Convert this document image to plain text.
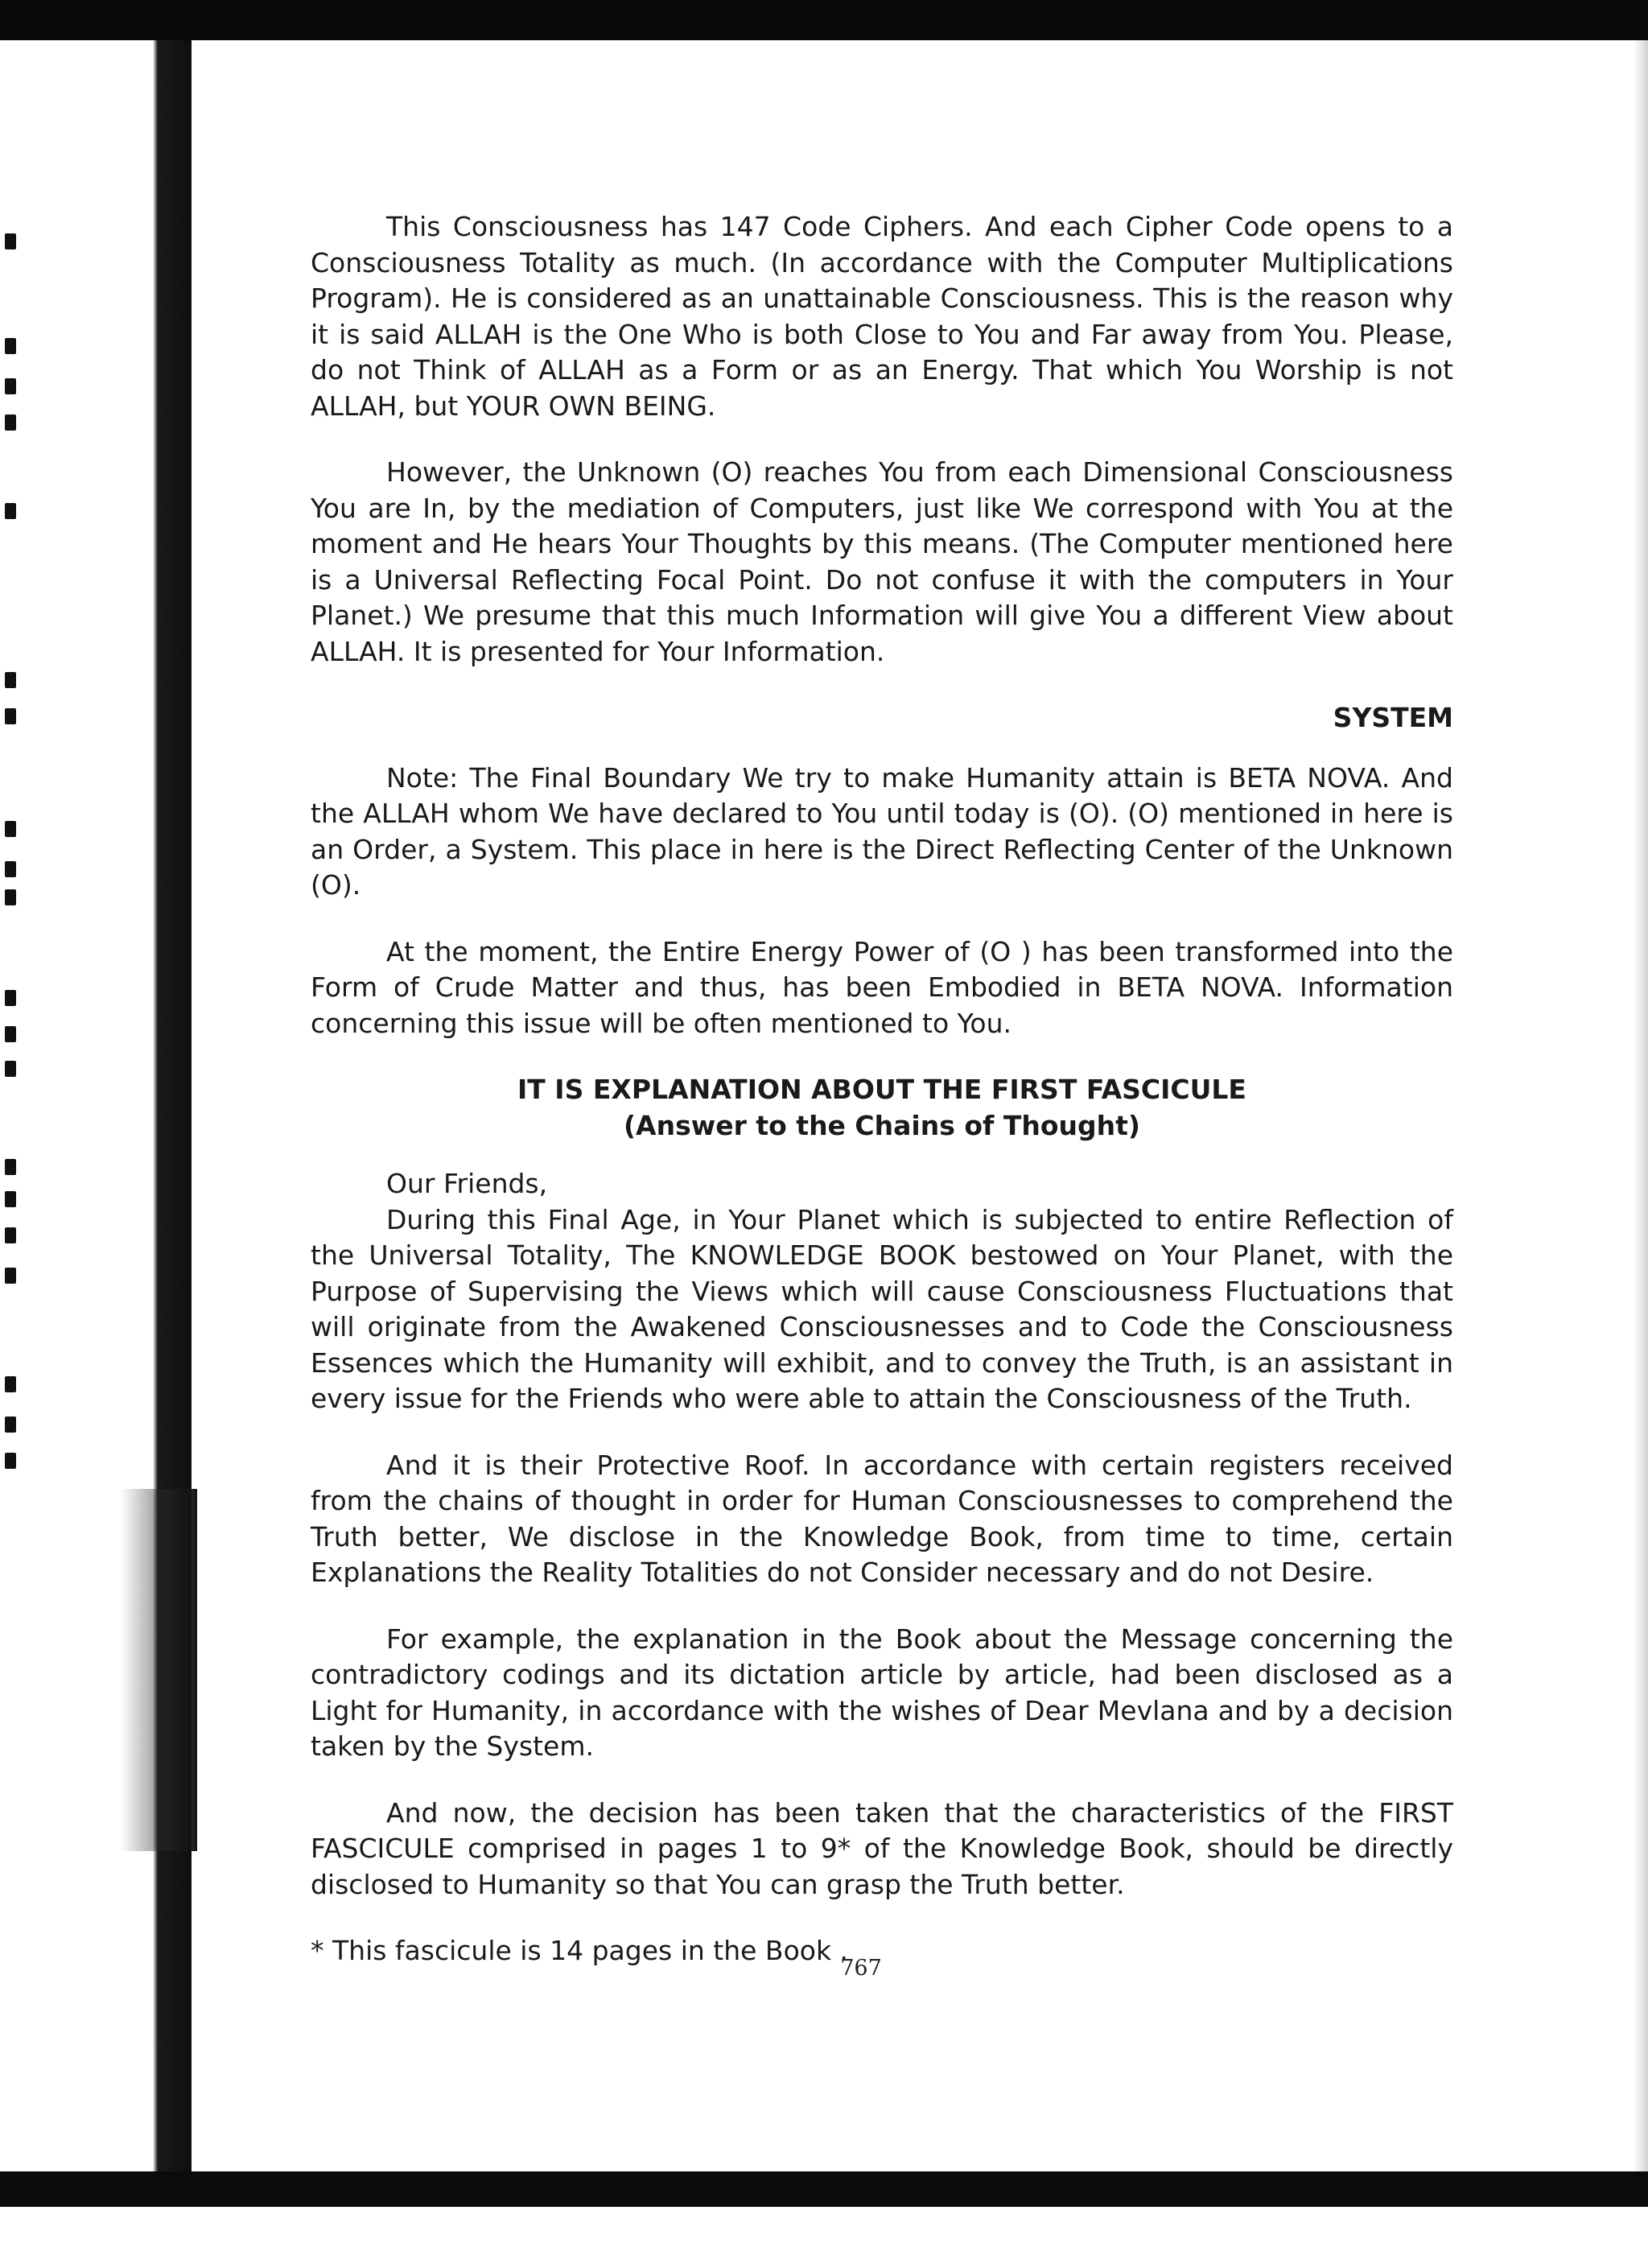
This Consciousness has 147 Code Ciphers. And each Cipher Code opens to a Consciousness Totality as much. (In accordance with the Computer Multiplications Program). He is considered as an unattainable Consciousness. This is the reason why it is said ALLAH is the One Who is both Close to You and Far away from You. Please, do not Think of ALLAH as a Form or as an Energy. That which You Worship is not ALLAH, but YOUR OWN BEING.

However, the Unknown (O) reaches You from each Dimensional Consciousness You are In, by the mediation of Computers, just like We correspond with You at the moment and He hears Your Thoughts by this means. (The Computer mentioned here is a Universal Reflecting Focal Point. Do not confuse it with the computers in Your Planet.) We presume that this much Information will give You a different View about ALLAH. It is presented for Your Information.

SYSTEM

Note: The Final Boundary We try to make Humanity attain is BETA NOVA. And the ALLAH whom We have declared to You until today is (O). (O) mentioned in here is an Order, a System. This place in here is the Direct Reflecting Center of the Unknown (O).

At the moment, the Entire Energy Power of (O ) has been transformed into the Form of Crude Matter and thus, has been Embodied in BETA NOVA. Information concerning this issue will be often mentioned to You.

IT IS EXPLANATION ABOUT THE FIRST FASCICULE
(Answer to the Chains of Thought)

Our Friends,

During this Final Age, in Your Planet which is subjected to entire Reflection of the Universal Totality, The KNOWLEDGE BOOK bestowed on Your Planet, with the Purpose of Supervising the Views which will cause Consciousness Fluctuations that will originate from the Awakened Consciousnesses and to Code the Consciousness Essences which the Humanity will exhibit, and to convey the Truth, is an assistant in every issue for the Friends who were able to attain the Consciousness of the Truth.

And it is their Protective Roof. In accordance with certain registers received from the chains of thought in order for Human Consciousnesses to comprehend the Truth better, We disclose in the Knowledge Book, from time to time, certain Explanations the Reality Totalities do not Consider necessary and do not Desire.

For example, the explanation in the Book about the Message concerning the contradictory codings and its dictation article by article, had been disclosed as a Light for Humanity, in accordance with the wishes of Dear Mevlana and by a decision taken by the System.

And now, the decision has been taken that the characteristics of the FIRST FASCICULE comprised in pages 1 to 9* of the Knowledge Book, should be directly disclosed to Humanity so that You can grasp the Truth better.

* This fascicule is 14 pages in the Book .

767
